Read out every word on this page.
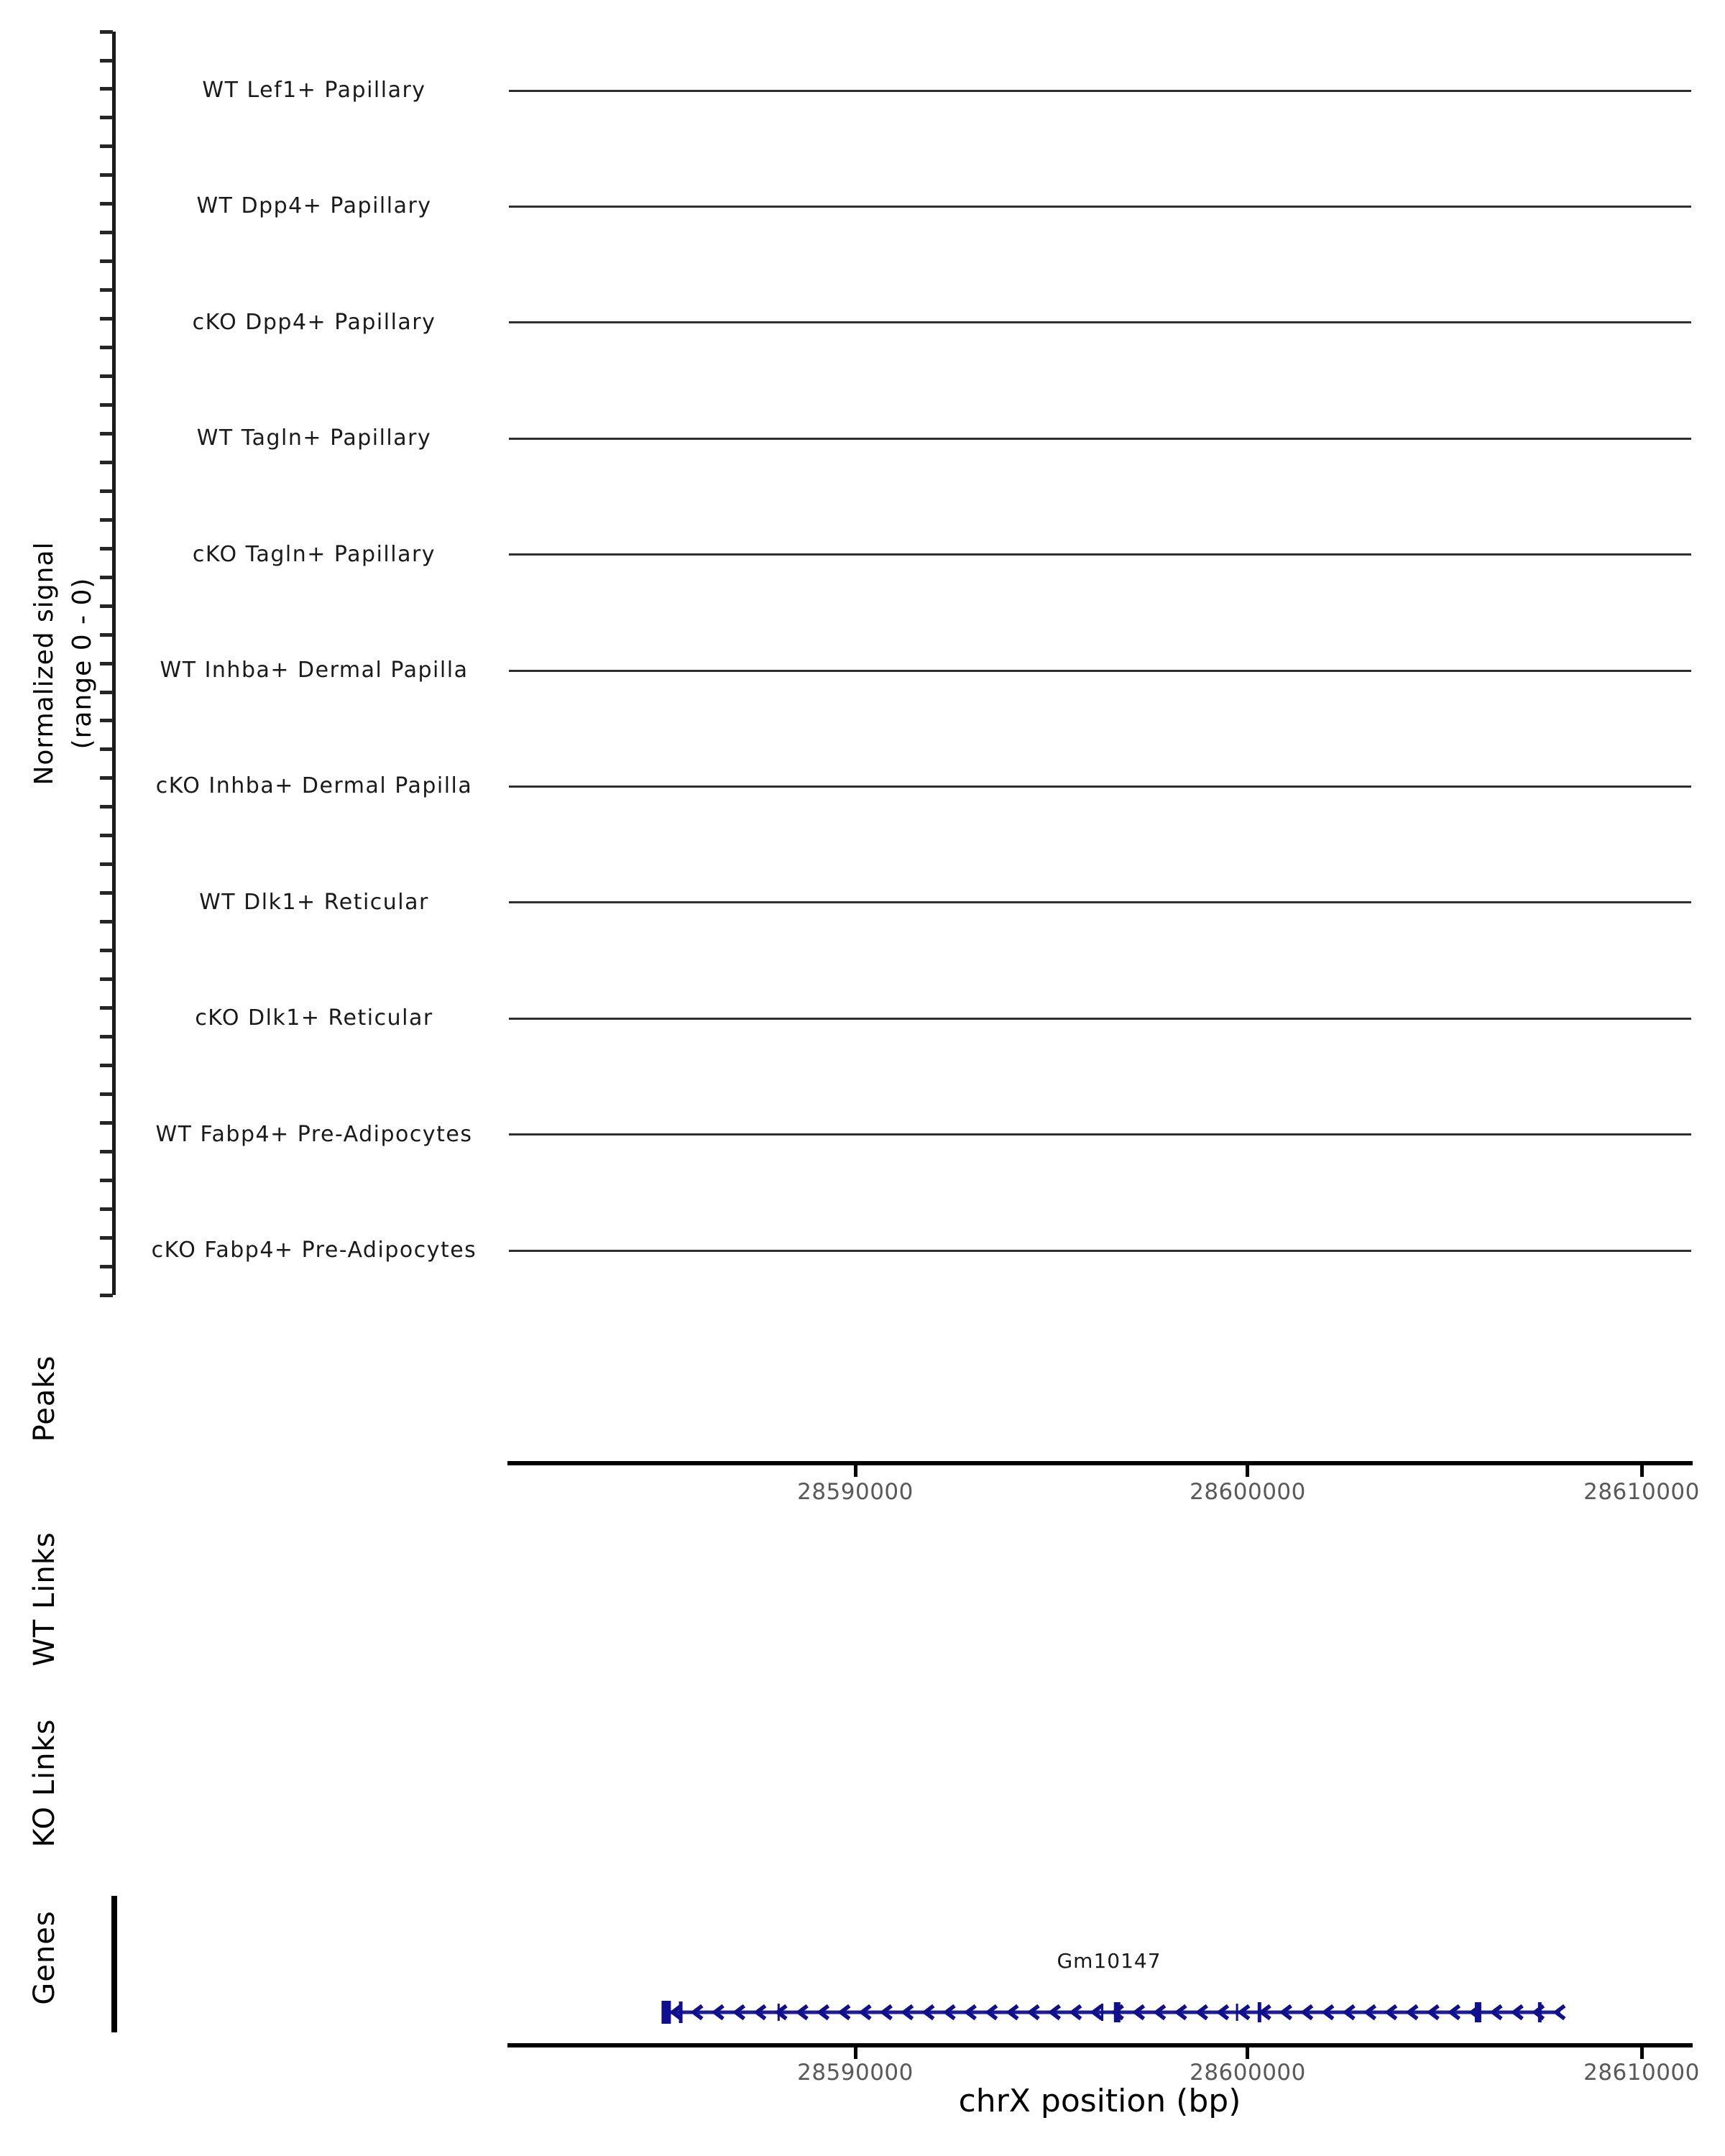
Normalized signal (range 0 - 0)
Peaks
WT Links
KO Links
Genes
WT Lef1+ Papillary
WT Dpp4+ Papillary
cKO Dpp4+ Papillary
WT Tagln+ Papillary
cKO Tagln+ Papillary
WT Inhba+ Dermal Papilla
cKO Inhba+ Dermal Papilla
WT Dlk1+ Reticular
cKO Dlk1+ Reticular
WT Fabp4+ Pre-Adipocytes
cKO Fabp4+ Pre-Adipocytes
28590000	28600000	28610000
Gm10147
28590000	28600000	28610000
chrX position (bp)
